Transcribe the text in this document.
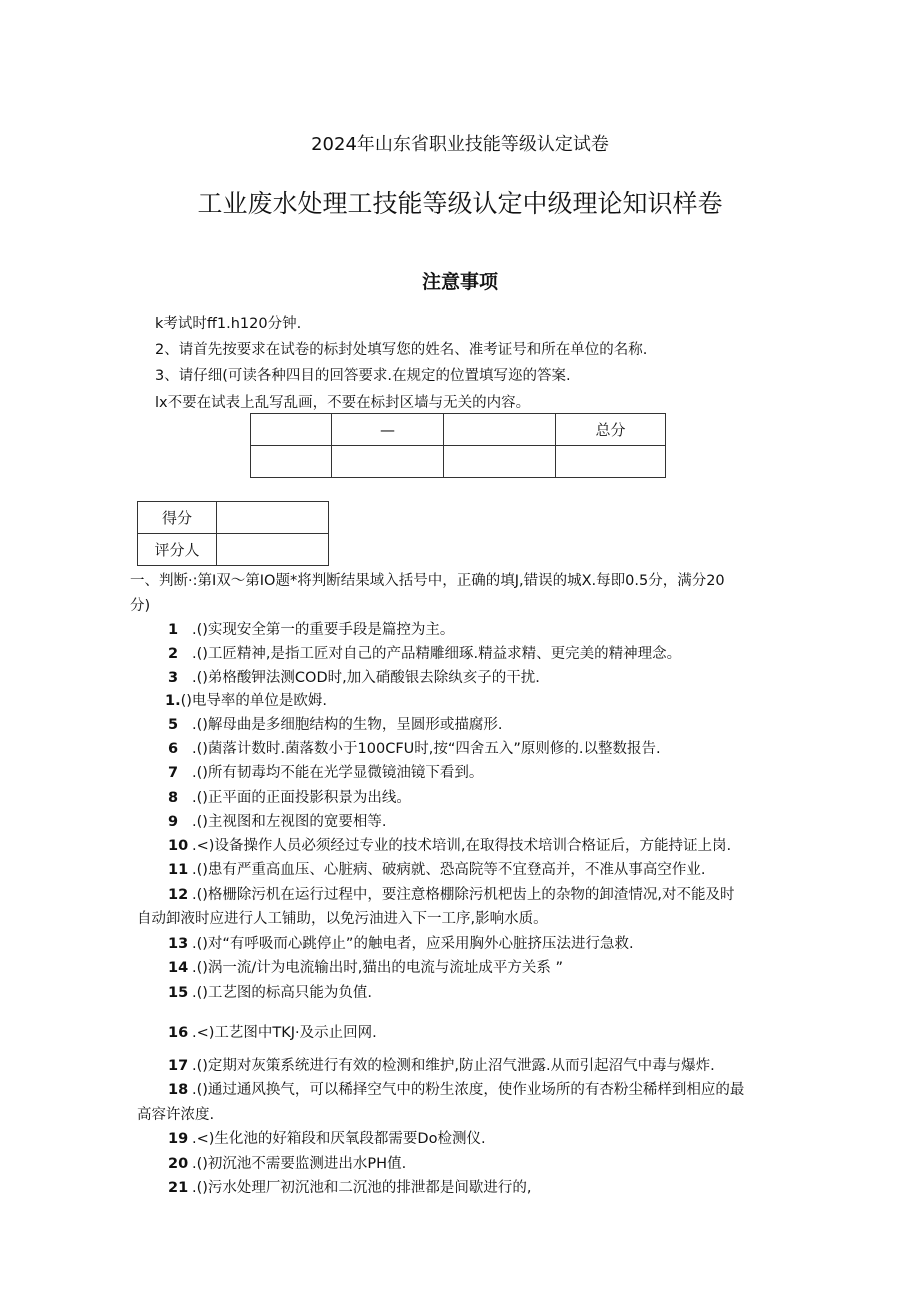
2024年山东省职业技能等级认定试卷
工业废水处理工技能等级认定中级理论知识样卷
注意事项
k考试时ff1.h120分钟.
2、请首先按要求在试卷的标封处填写您的姓名、准考证号和所在单位的名称.
3、请仔细(可读各种四目的回答要求.在规定的位置填写迩的答案.
lx不要在试表上乱写乱画，不要在标封区墙与无关的内容。
	—		总分

得分	
评分人	
一、判断·:第I双〜第IO题*将判断结果域入括号中，正确的填J,错误的城X.每即0.5分，满分20
分)
1 .()实现安全第一的重要手段是篇控为主。
2 .()工匠精神,是指工匠对自己的产品精雕细琢.精益求精、更完美的精神理念。
3 .()弟格酸钾法测COD时,加入硝酸银去除纨亥子的干扰.
1.()电导率的单位是欧姆.
5 .()解母曲是多细胞结构的生物，呈圆形或描腐形.
6 .()菌落计数时.菌落数小于100CFU时,按“四舍五入”原则修的.以整数报告.
7 .()所有韧毒均不能在光学显微镜油镜下看到。
8 .()正平面的正面投影积景为出线。
9 .()主视图和左视图的宽要相等.
10 .<)设备操作人员必须经过专业的技术培训,在取得技术培训合格证后，方能持证上岗.
11 .()患有严重高血压、心脏病、破病就、恐高院等不宜登高并，不准从事高空作业.
12 .()格栅除污机在运行过程中，要注意格棚除污机杷齿上的杂物的卸渣情况,对不能及时
自动卸液时应进行人工铺助，以免污油进入下一工序,影响水质。
13 .()对“有呼吸而心跳停止”的触电者，应采用胸外心脏挤压法进行急救.
14 .()涡一流/计为电流输出时,猫出的电流与流址成平方关系 ”
15 .()工艺图的标高只能为负值.
16 .<)工艺图中TKJ·及示止回网.
17 .()定期对灰策系统进行有效的检测和维护,防止沼气泄露.从而引起沼气中毒与爆炸.
18 .()通过通风换气，可以稀择空气中的粉生浓度，使作业场所的有杏粉尘稀样到相应的最
高容许浓度.
19 .<)生化池的好箱段和厌氧段都需要Do检测仪.
20 .()初沉池不需要监测进出水PH值.
21 .()污水处理厂初沉池和二沉池的排泄都是间歇进行的,
